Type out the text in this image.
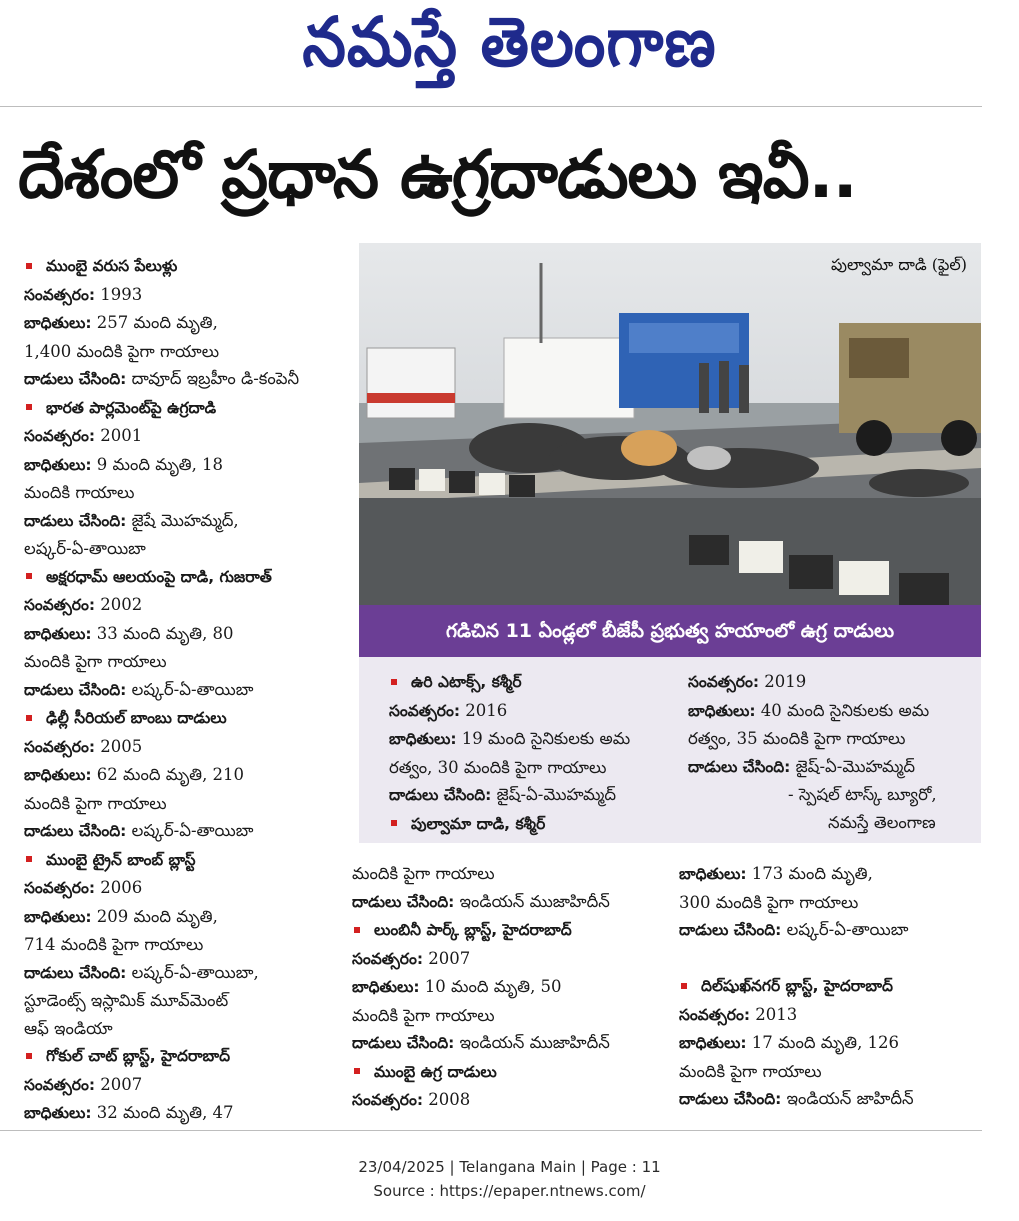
నమస్తే తెలంగాణ
దేశంలో ప్రధాన ఉగ్రదాడులు ఇవీ..

ముంబై వరుస పేలుళ్లు

సంవత్సరం: 1993

బాధితులు: 257 మంది మృతి,

1,400 మందికి పైగా గాయాలు

దాడులు చేసింది: దావూద్ ఇబ్రహీం డి-కంపెనీ

భారత పార్లమెంట్‌పై ఉగ్రదాడి

సంవత్సరం: 2001

బాధితులు: 9 మంది మృతి, 18

మందికి గాయాలు

దాడులు చేసింది: జైషే మొహమ్మద్,

లష్కర్-ఏ-తాయిబా

అక్షరధామ్ ఆలయంపై దాడి, గుజరాత్

సంవత్సరం: 2002

బాధితులు: 33 మంది మృతి, 80

మందికి పైగా గాయాలు

దాడులు చేసింది: లష్కర్-ఏ-తాయిబా

ఢిల్లీ సీరియల్ బాంబు దాడులు

సంవత్సరం: 2005

బాధితులు: 62 మంది మృతి, 210

మందికి పైగా గాయాలు

దాడులు చేసింది: లష్కర్-ఏ-తాయిబా

ముంబై ట్రైన్ బాంబ్ బ్లాస్ట్

సంవత్సరం: 2006

బాధితులు: 209 మంది మృతి,

714 మందికి పైగా గాయాలు

దాడులు చేసింది: లష్కర్-ఏ-తాయిబా,

స్టూడెంట్స్ ఇస్లామిక్ మూవ్‌మెంట్

ఆఫ్ ఇండియా

గోకుల్ చాట్ బ్లాస్ట్, హైదరాబాద్

సంవత్సరం: 2007

బాధితులు: 32 మంది మృతి, 47

పుల్వామా దాడి (ఫైల్)
గడిచిన 11 ఏండ్లలో బీజేపీ ప్రభుత్వ హయాంలో ఉగ్ర దాడులు

ఉరి ఎటాక్స్, కశ్మీర్

సంవత్సరం: 2016

బాధితులు: 19 మంది సైనికులకు అమ

రత్వం, 30 మందికి పైగా గాయాలు

దాడులు చేసింది: జైష్-ఏ-మొహమ్మద్

పుల్వామా దాడి, కశ్మీర్

సంవత్సరం: 2019

బాధితులు: 40 మంది సైనికులకు అమ

రత్వం, 35 మందికి పైగా గాయాలు

దాడులు చేసింది: జైష్-ఏ-మొహమ్మద్

- స్పెషల్ టాస్క్ బ్యూరో,

నమస్తే తెలంగాణ

మందికి పైగా గాయాలు

దాడులు చేసింది: ఇండియన్ ముజాహిదీన్

లుంబినీ పార్క్ బ్లాస్ట్, హైదరాబాద్

సంవత్సరం: 2007

బాధితులు: 10 మంది మృతి, 50

మందికి పైగా గాయాలు

దాడులు చేసింది: ఇండియన్ ముజాహిదీన్

ముంబై ఉగ్ర దాడులు

సంవత్సరం: 2008

బాధితులు: 173 మంది మృతి,

300 మందికి పైగా గాయాలు

దాడులు చేసింది: లష్కర్-ఏ-తాయిబా

దిల్‌షుఖ్‌నగర్ బ్లాస్ట్, హైదరాబాద్

సంవత్సరం: 2013

బాధితులు: 17 మంది మృతి, 126

మందికి పైగా గాయాలు

దాడులు చేసింది: ఇండియన్ జాహిదీన్

23/04/2025 | Telangana Main | Page : 11
Source : https://epaper.ntnews.com/
